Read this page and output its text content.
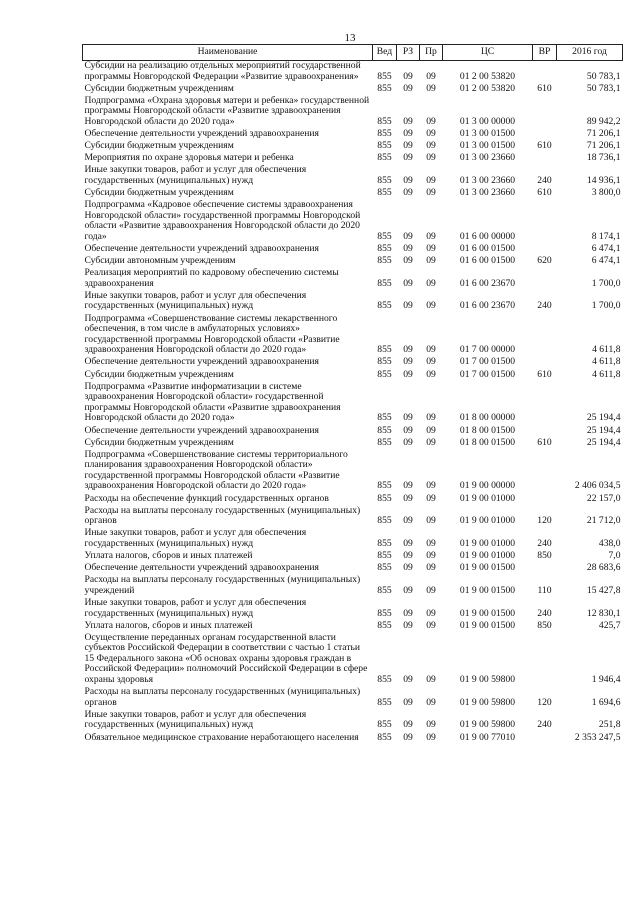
13
Наименование	Вед	РЗ	Пр	ЦС	ВР	2016 год
Субсидии на реализацию отдельных мероприятий государственной программы Новгородской Федерации «Развитие здравоохранения»	855	09	09	01 2 00 53820		50 783,1
Субсидии бюджетным учреждениям	855	09	09	01 2 00 53820	610	50 783,1
Подпрограмма «Охрана здоровья матери и ребенка» государственной программы Новгородской области «Развитие здравоохранения Новгородской области до 2020 года»	855	09	09	01 3 00 00000		89 942,2
Обеспечение деятельности учреждений здравоохранения	855	09	09	01 3 00 01500		71 206,1
Субсидии бюджетным учреждениям	855	09	09	01 3 00 01500	610	71 206,1
Мероприятия по охране здоровья матери и ребенка	855	09	09	01 3 00 23660		18 736,1
Иные закупки товаров, работ и услуг для обеспечения государственных (муниципальных) нужд	855	09	09	01 3 00 23660	240	14 936,1
Субсидии бюджетным учреждениям	855	09	09	01 3 00 23660	610	3 800,0
Подпрограмма «Кадровое обеспечение системы здравоохранения Новгородской области» государственной программы Новгородской области «Развитие здравоохранения Новгородской области до 2020 года»	855	09	09	01 6 00 00000		8 174,1
Обеспечение деятельности учреждений здравоохранения	855	09	09	01 6 00 01500		6 474,1
Субсидии автономным учреждениям	855	09	09	01 6 00 01500	620	6 474,1
Реализация мероприятий по кадровому обеспечению системы здравоохранения	855	09	09	01 6 00 23670		1 700,0
Иные закупки товаров, работ и услуг для обеспечения государственных (муниципальных) нужд	855	09	09	01 6 00 23670	240	1 700,0
Подпрограмма «Совершенствование системы лекарственного обеспечения, в том числе в амбулаторных условиях» государственной программы Новгородской области «Развитие здравоохранения Новгородской области до 2020 года»	855	09	09	01 7 00 00000		4 611,8
Обеспечение деятельности учреждений здравоохранения	855	09	09	01 7 00 01500		4 611,8
Субсидии бюджетным учреждениям	855	09	09	01 7 00 01500	610	4 611,8
Подпрограмма «Развитие информатизации в системе здравоохранения Новгородской области» государственной программы Новгородской области «Развитие здравоохранения Новгородской области до 2020 года»	855	09	09	01 8 00 00000		25 194,4
Обеспечение деятельности учреждений здравоохранения	855	09	09	01 8 00 01500		25 194,4
Субсидии бюджетным учреждениям	855	09	09	01 8 00 01500	610	25 194,4
Подпрограмма «Совершенствование системы территориального планирования здравоохранения Новгородской области» государственной программы Новгородской области «Развитие здравоохранения Новгородской области до 2020 года»	855	09	09	01 9 00 00000		2 406 034,5
Расходы на обеспечение функций государственных органов	855	09	09	01 9 00 01000		22 157,0
Расходы на выплаты персоналу государственных (муниципальных) органов	855	09	09	01 9 00 01000	120	21 712,0
Иные закупки товаров, работ и услуг для обеспечения государственных (муниципальных) нужд	855	09	09	01 9 00 01000	240	438,0
Уплата налогов, сборов и иных платежей	855	09	09	01 9 00 01000	850	7,0
Обеспечение деятельности учреждений здравоохранения	855	09	09	01 9 00 01500		28 683,6
Расходы на выплаты персоналу государственных (муниципальных) учреждений	855	09	09	01 9 00 01500	110	15 427,8
Иные закупки товаров, работ и услуг для обеспечения государственных (муниципальных) нужд	855	09	09	01 9 00 01500	240	12 830,1
Уплата налогов, сборов и иных платежей	855	09	09	01 9 00 01500	850	425,7
Осуществление переданных органам государственной власти субъектов Российской Федерации в соответствии с частью 1 статьи 15 Федерального закона «Об основах охраны здоровья граждан в Российской Федерации» полномочий Российской Федерации в сфере охраны здоровья	855	09	09	01 9 00 59800		1 946,4
Расходы на выплаты персоналу государственных (муниципальных) органов	855	09	09	01 9 00 59800	120	1 694,6
Иные закупки товаров, работ и услуг для обеспечения государственных (муниципальных) нужд	855	09	09	01 9 00 59800	240	251,8
Обязательное медицинское страхование неработающего населения	855	09	09	01 9 00 77010		2 353 247,5
